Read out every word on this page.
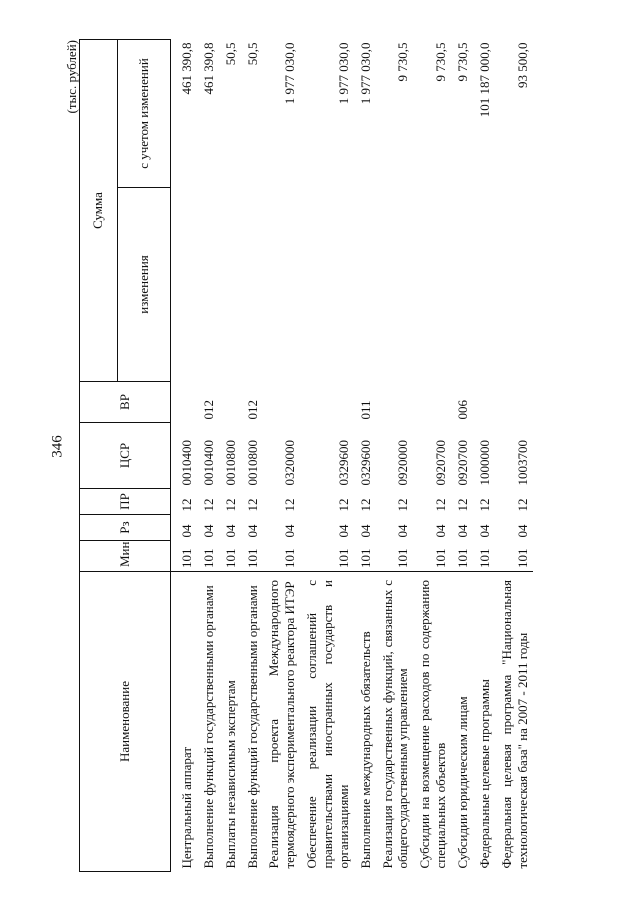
346
(тыс. рублей)
Наименование	Мин	Рз	ПР	ЦСР	ВР	Сумма	
						изменения	с учетом изменений
Центральный аппарат	101	04	12	0010400			461 390,8
Выполнение функций государственными органами	101	04	12	0010400	012		461 390,8
Выплаты независимым экспертам	101	04	12	0010800			50,5
Выполнение функций государственными органами	101	04	12	0010800	012		50,5
Реализация проекта Международного термоядерного экспериментального реактора ИТЭР	101	04	12	0320000			1 977 030,0
Обеспечение реализации соглашений с правительствами иностранных государств и организациями	101	04	12	0329600			1 977 030,0
Выполнение международных обязательств	101	04	12	0329600	011		1 977 030,0
Реализация государственных функций, связанных с общегосударственным управлением	101	04	12	0920000			9 730,5
Субсидии на возмещение расходов по содержанию специальных объектов	101	04	12	0920700			9 730,5
Субсидии юридическим лицам	101	04	12	0920700	006		9 730,5
Федеральные целевые программы	101	04	12	1000000			101 187 000,0
Федеральная целевая программа "Национальная технологическая база" на 2007 - 2011 годы	101	04	12	1003700			93 500,0
